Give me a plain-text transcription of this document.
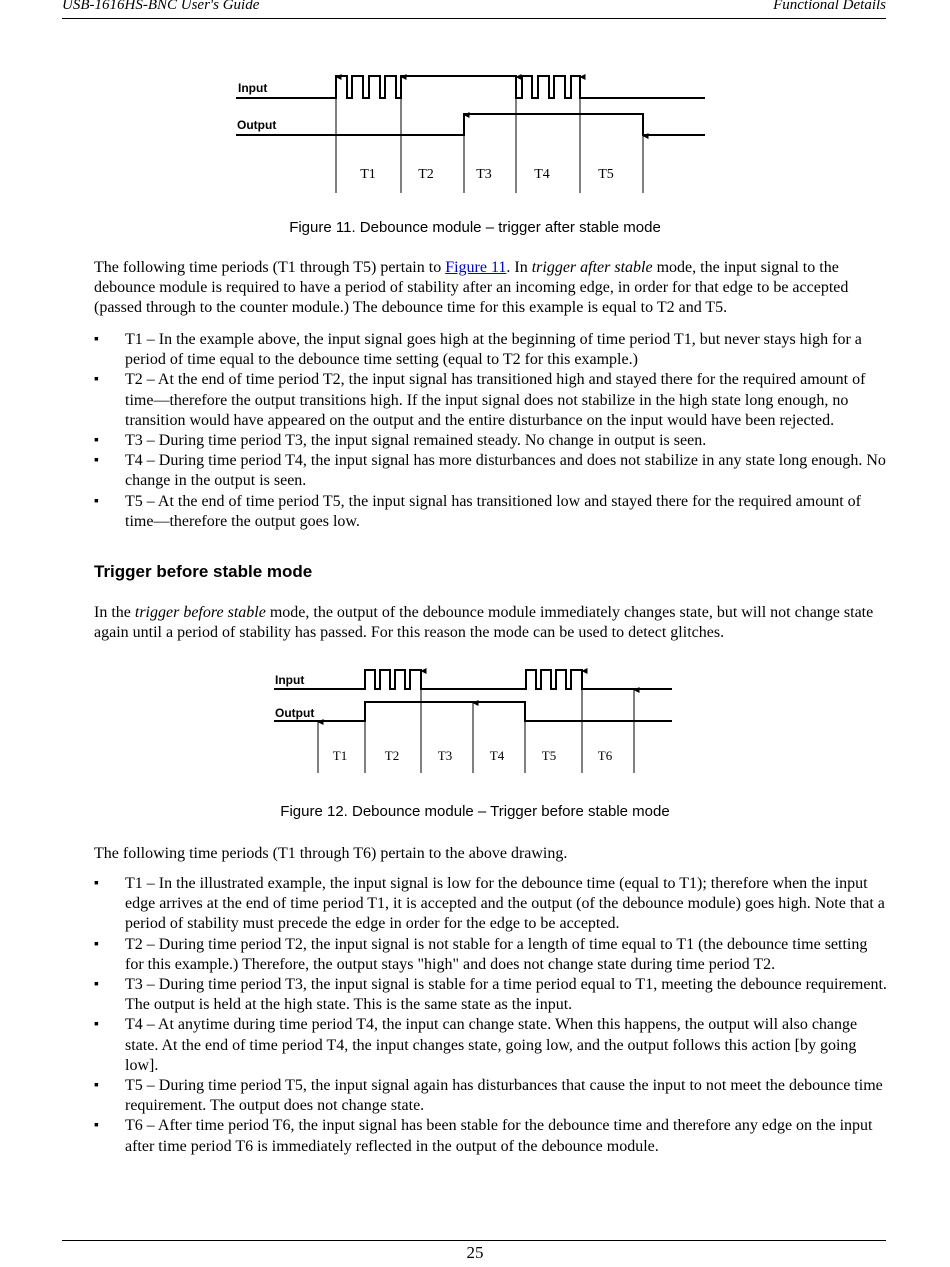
USB-1616HS-BNC User's Guide	Functional Details
Input
Output
T1	T2	T3	T4	T5
Figure 11. Debounce module – trigger after stable mode

The following time periods (T1 through T5) pertain to Figure 11. In trigger after stable mode, the input signal to the debounce module is required to have a period of stability after an incoming edge, in order for that edge to be accepted (passed through to the counter module.) The debounce time for this example is equal to T2 and T5.

▪ T1 – In the example above, the input signal goes high at the beginning of time period T1, but never stays high for a period of time equal to the debounce time setting (equal to T2 for this example.)
▪ T2 – At the end of time period T2, the input signal has transitioned high and stayed there for the required amount of time—therefore the output transitions high. If the input signal does not stabilize in the high state long enough, no transition would have appeared on the output and the entire disturbance on the input would have been rejected.
▪ T3 – During time period T3, the input signal remained steady. No change in output is seen.
▪ T4 – During time period T4, the input signal has more disturbances and does not stabilize in any state long enough. No change in the output is seen.
▪ T5 – At the end of time period T5, the input signal has transitioned low and stayed there for the required amount of time—therefore the output goes low.
Trigger before stable mode

In the trigger before stable mode, the output of the debounce module immediately changes state, but will not change state again until a period of stability has passed. For this reason the mode can be used to detect glitches.

Input
Output
T1	T2	T3	T4	T5	T6
Figure 12. Debounce module – Trigger before stable mode

The following time periods (T1 through T6) pertain to the above drawing.

▪ T1 – In the illustrated example, the input signal is low for the debounce time (equal to T1); therefore when the input edge arrives at the end of time period T1, it is accepted and the output (of the debounce module) goes high. Note that a period of stability must precede the edge in order for the edge to be accepted.
▪ T2 – During time period T2, the input signal is not stable for a length of time equal to T1 (the debounce time setting for this example.) Therefore, the output stays "high" and does not change state during time period T2.
▪ T3 – During time period T3, the input signal is stable for a time period equal to T1, meeting the debounce requirement. The output is held at the high state. This is the same state as the input.
▪ T4 – At anytime during time period T4, the input can change state. When this happens, the output will also change state. At the end of time period T4, the input changes state, going low, and the output follows this action [by going low].
▪ T5 – During time period T5, the input signal again has disturbances that cause the input to not meet the debounce time requirement. The output does not change state.
▪ T6 – After time period T6, the input signal has been stable for the debounce time and therefore any edge on the input after time period T6 is immediately reflected in the output of the debounce module.
25
